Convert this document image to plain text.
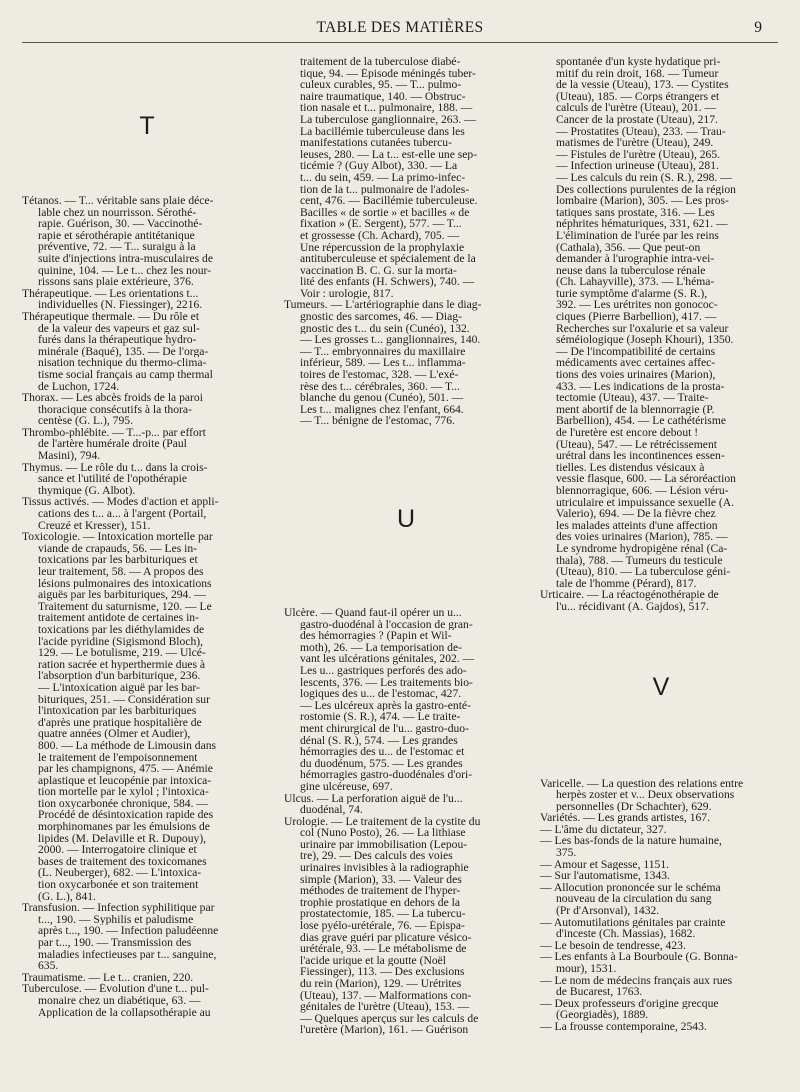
TABLE DES MATIÈRES	9
T
Tétanos. — T... véritable sans plaie déce-
lable chez un nourrisson. Sérothé-
rapie. Guérison, 30. — Vaccinothé-
rapie et sérothérapie antitétanique
préventive, 72. — T... suraigu à la
suite d'injections intra-musculaires de
quinine, 104. — Le t... chez les nour-
rissons sans plaie extérieure, 376.
Thérapeutique. — Les orientations t...
individuelles (N. Fiessinger), 2216.
Thérapeutique thermale. — Du rôle et
de la valeur des vapeurs et gaz sul-
furés dans la thérapeutique hydro-
minérale (Baqué), 135. — De l'orga-
nisation technique du thermo-clima-
tisme social français au camp thermal
de Luchon, 1724.
Thorax. — Les abcès froids de la paroi
thoracique consécutifs à la thora-
centèse (G. L.), 795.
Thrombo-phlébite. — T...-p... par effort
de l'artère humérale droite (Paul
Masini), 794.
Thymus. — Le rôle du t... dans la crois-
sance et l'utilité de l'opothérapie
thymique (G. Albot).
Tissus activés. — Modes d'action et appli-
cations des t... a... à l'argent (Portail,
Creuzé et Kresser), 151.
Toxicologie. — Intoxication mortelle par
viande de crapauds, 56. — Les in-
toxications par les barbituriques et
leur traitement, 58. — A propos des
lésions pulmonaires des intoxications
aiguës par les barbituriques, 294. —
Traitement du saturnisme, 120. — Le
traitement antidote de certaines in-
toxications par les diéthylamides de
l'acide pyridine (Sigismond Bloch),
129. — Le botulisme, 219. — Ulcé-
ration sacrée et hyperthermie dues à
l'absorption d'un barbiturique, 236.
— L'intoxication aiguë par les bar-
bituriques, 251. — Considération sur
l'intoxication par les barbituriques
d'après une pratique hospitalière de
quatre années (Olmer et Audier),
800. — La méthode de Limousin dans
le traitement de l'empoisonnement
par les champignons, 475. — Anémie
aplastique et leucopénie par intoxica-
tion mortelle par le xylol ; l'intoxica-
tion oxycarbonée chronique, 584. —
Procédé de désintoxication rapide des
morphinomanes par les émulsions de
lipides (M. Delaville et R. Dupouy),
2000. — Interrogatoire clinique et
bases de traitement des toxicomanes
(L. Neuberger), 682. — L'intoxica-
tion oxycarbonée et son traitement
(G. L.), 841.
Transfusion. — Infection syphilitique par
t..., 190. — Syphilis et paludisme
après t..., 190. — Infection paludéenne
par t..., 190. — Transmission des
maladies infectieuses par t... sanguine,
635.
Traumatisme. — Le t... cranien, 220.
Tuberculose. — Évolution d'une t... pul-
monaire chez un diabétique, 63. —
Application de la collapsothérapie au
traitement de la tuberculose diabé-
tique, 94. — Épisode méningés tuber-
culeux curables, 95. — T... pulmo-
naire traumatique, 140. — Obstruc-
tion nasale et t... pulmonaire, 188. —
La tuberculose ganglionnaire, 263. —
La bacillémie tuberculeuse dans les
manifestations cutanées tubercu-
leuses, 280. — La t... est-elle une sep-
ticémie ? (Guy Albot), 330. — La
t... du sein, 459. — La primo-infec-
tion de la t... pulmonaire de l'adoles-
cent, 476. — Bacillémie tuberculeuse.
Bacilles « de sortie » et bacilles « de
fixation » (E. Sergent), 577. — T...
et grossesse (Ch. Achard), 705. —
Une répercussion de la prophylaxie
antituberculeuse et spécialement de la
vaccination B. C. G. sur la morta-
lité des enfants (H. Schwers), 740. —
Voir : urologie, 817.
Tumeurs. — L'artériographie dans le diag-
gnostic des sarcomes, 46. — Diag-
gnostic des t... du sein (Cunéo), 132.
— Les grosses t... ganglionnaires, 140.
— T... embryonnaires du maxillaire
inférieur, 589. — Les t... inflamma-
toires de l'estomac, 328. — L'exé-
rèse des t... cérébrales, 360. — T...
blanche du genou (Cunéo), 501. —
Les t... malignes chez l'enfant, 664.
— T... bénigne de l'estomac, 776.
U
Ulcère. — Quand faut-il opérer un u...
gastro-duodénal à l'occasion de gran-
des hémorragies ? (Papin et Wil-
moth), 26. — La temporisation de-
vant les ulcérations génitales, 202. —
Les u... gastriques perforés des ado-
lescents, 376. — Les traitements bio-
logiques des u... de l'estomac, 427.
— Les ulcéreux après la gastro-enté-
rostomie (S. R.), 474. — Le traite-
ment chirurgical de l'u... gastro-duo-
dénal (S. R.), 574. — Les grandes
hémorragies des u... de l'estomac et
du duodénum, 575. — Les grandes
hémorragies gastro-duodénales d'ori-
gine ulcéreuse, 697.
Ulcus. — La perforation aiguë de l'u...
duodénal, 74.
Urologie. — Le traitement de la cystite du
col (Nuno Posto), 26. — La lithiase
urinaire par immobilisation (Lepou-
tre), 29. — Des calculs des voies
urinaires invisibles à la radiographie
simple (Marion), 33. — Valeur des
méthodes de traitement de l'hyper-
trophie prostatique en dehors de la
prostatectomie, 185. — La tubercu-
lose pyélo-urétérale, 76. — Épispa-
dias grave guéri par plicature vésico-
urétérale, 93. — Le métabolisme de
l'acide urique et la goutte (Noël
Fiessinger), 113. — Des exclusions
du rein (Marion), 129. — Urétrites
(Uteau), 137. — Malformations con-
génitales de l'urètre (Uteau), 153. —
— Quelques aperçus sur les calculs de
l'uretère (Marion), 161. — Guérison
spontanée d'un kyste hydatique pri-
mitif du rein droit, 168. — Tumeur
de la vessie (Uteau), 173. — Cystites
(Uteau), 185. — Corps étrangers et
calculs de l'urètre (Uteau), 201. —
Cancer de la prostate (Uteau), 217.
— Prostatites (Uteau), 233. — Trau-
matismes de l'urètre (Uteau), 249.
— Fistules de l'urètre (Uteau), 265.
— Infection urineuse (Uteau), 281.
— Les calculs du rein (S. R.), 298. —
Des collections purulentes de la région
lombaire (Marion), 305. — Les pros-
tatiques sans prostate, 316. — Les
néphrites hématuriques, 331, 621. —
L'élimination de l'urée par les reins
(Cathala), 356. — Que peut-on
demander à l'urographie intra-vei-
neuse dans la tuberculose rénale
(Ch. Lahayville), 373. — L'héma-
turie symptôme d'alarme (S. R.),
392. — Les urétrites non gonococ-
ciques (Pierre Barbellion), 417. —
Recherches sur l'oxalurie et sa valeur
séméiologique (Joseph Khouri), 1350.
— De l'incompatibilité de certains
médicaments avec certaines affec-
tions des voies urinaires (Marion),
433. — Les indications de la prosta-
tectomie (Uteau), 437. — Traite-
ment abortif de la blennorragie (P.
Barbellion), 454. — Le cathétérisme
de l'uretère est encore debout !
(Uteau), 547. — Le rétrécissement
urétral dans les incontinences essen-
tielles. Les distendus vésicaux à
vessie flasque, 600. — La séroréaction
blennorragique, 606. — Lésion véru-
utriculaire et impuissance sexuelle (A.
Valerio), 694. — De la fièvre chez
les malades atteints d'une affection
des voies urinaires (Marion), 785. —
Le syndrome hydropigène rénal (Ca-
thala), 788. — Tumeurs du testicule
(Uteau), 810. — La tuberculose géni-
tale de l'homme (Pérard), 817.
Urticaire. — La réactogénothérapie de
l'u... récidivant (A. Gajdos), 517.
V
Varicelle. — La question des relations entre
herpès zoster et v... Deux observations
personnelles (Dr Schachter), 629.
Variétés. — Les grands artistes, 167.
— L'âme du dictateur, 327.
— Les bas-fonds de la nature humaine,
375.
— Amour et Sagesse, 1151.
— Sur l'automatisme, 1343.
— Allocution prononcée sur le schéma
nouveau de la circulation du sang
(Pr d'Arsonval), 1432.
— Automutilations génitales par crainte
d'inceste (Ch. Massias), 1682.
— Le besoin de tendresse, 423.
— Les enfants à La Bourboule (G. Bonna-
mour), 1531.
— Le nom de médecins français aux rues
de Bucarest, 1763.
— Deux professeurs d'origine grecque
(Georgiadès), 1889.
— La frousse contemporaine, 2543.
